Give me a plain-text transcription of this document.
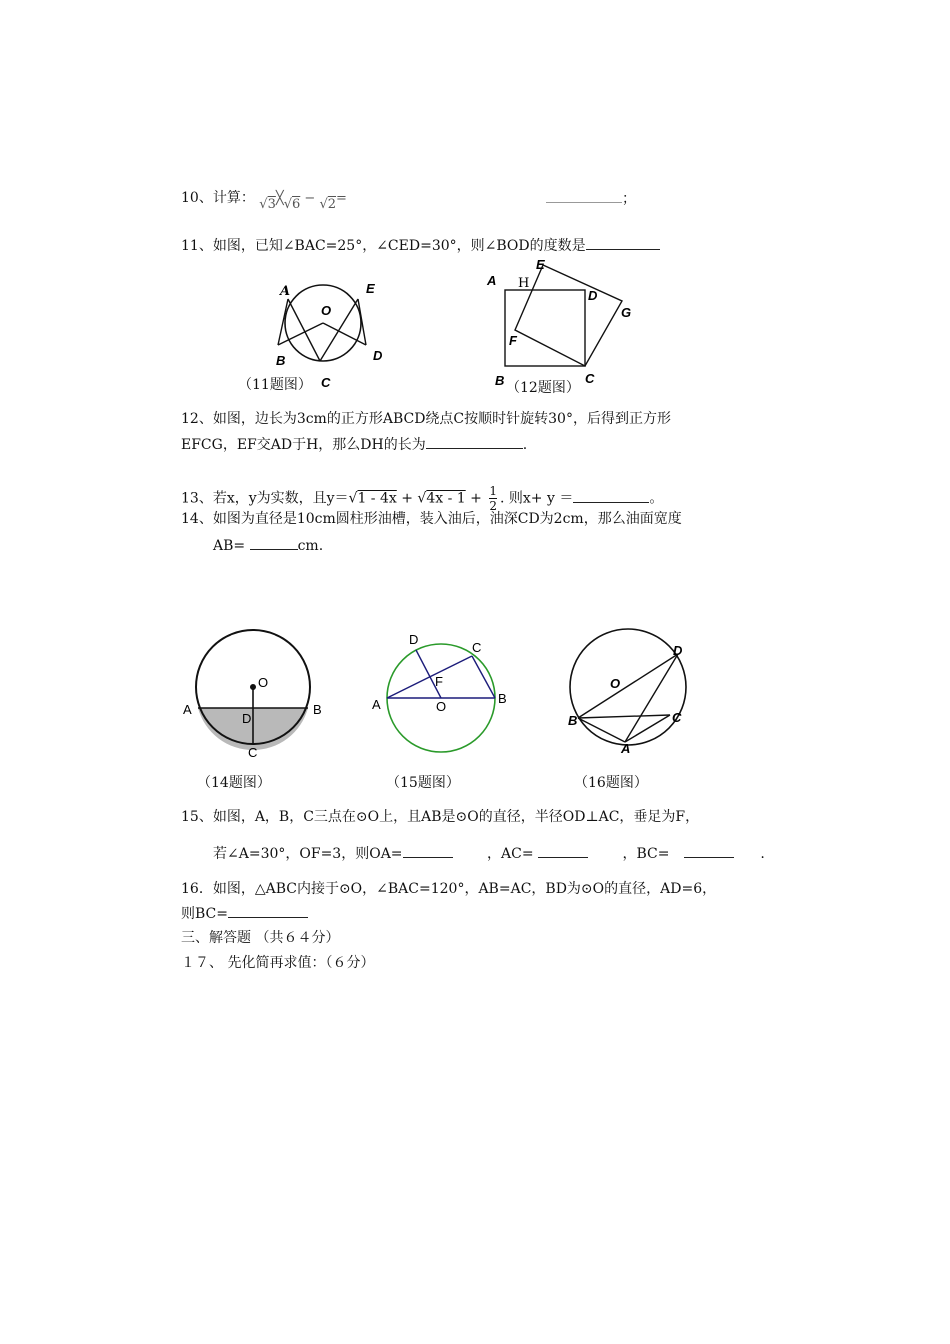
10、计算： √3╳√6 − √2=	；
11、如图，已知∠BAC=25°，∠CED=30°，则∠BOD的度数是
A	E
O
B	D
C
（11题图）
A H
E
D
G
F
B	C
（12题图）
12、如图，边长为3cm的正方形ABCD绕点C按顺时针旋转30°，后得到正方形
EFCG，EF交AD于H，那么DH的长为	.
13、若x，y为实数，且$y=√1 - 4x + √4x - 1 + \frac{1}{2}$ . 则x+ y ＝	。
14、如图为直径是10cm圆柱形油槽，装入油后，油深CD为2cm，那么油面宽度
AB=	cm.
O
A	B
D
C
（14题图）
D
C
F
A	O
B
（15题图）
O
D
B	C
A
（16题图）
15、如图，A，B，C三点在⊙O上，且AB是⊙O的直径，半径OD⊥AC，垂足为F，
若∠A=30°，OF=3，则OA=	，AC=	，BC=	.
16．如图，△ABC内接于⊙O，∠BAC=120°，AB=AC，BD为⊙O的直径，AD=6，
则BC=
三、解答题 （共６４分）
１７、 先化简再求值：（６分）
